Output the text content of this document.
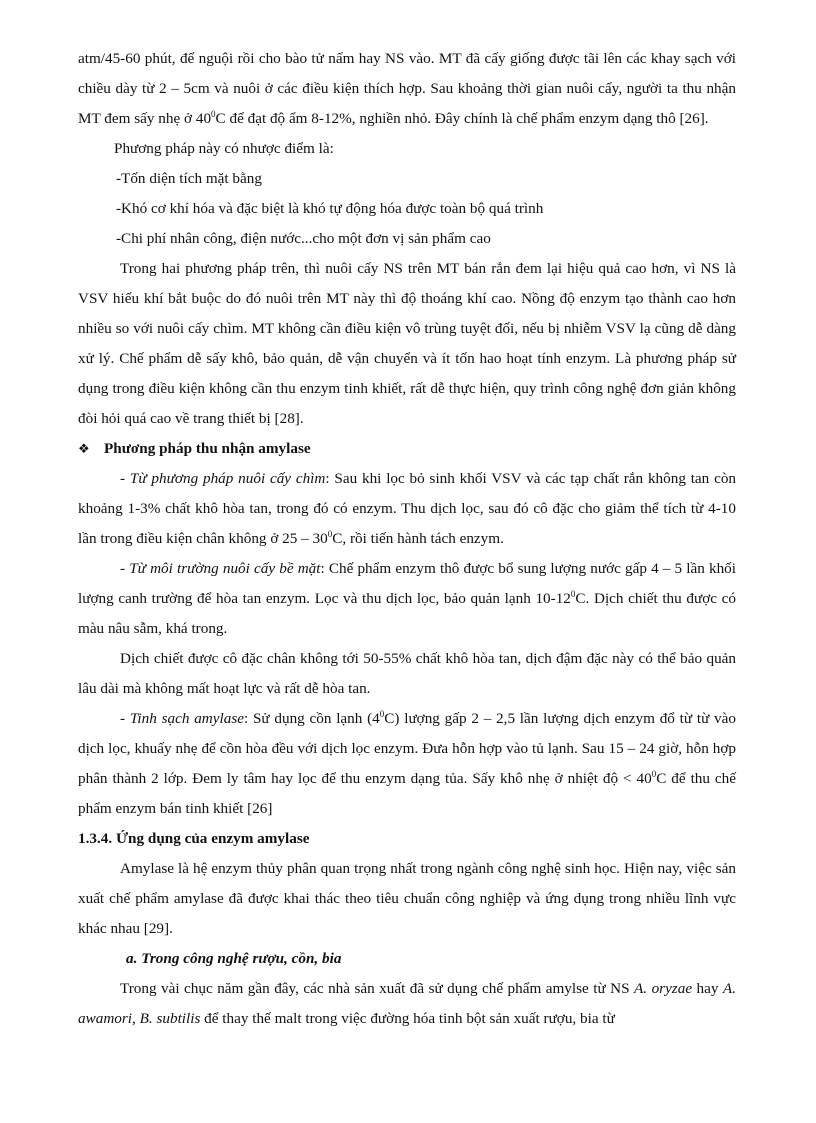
atm/45-60 phút, để nguội rồi cho bào tử nấm hay NS vào. MT đã cấy giống được tãi lên các khay sạch với chiều dày từ 2 – 5cm và nuôi ở các điều kiện thích hợp. Sau khoảng thời gian nuôi cấy, người ta thu nhận MT đem sấy nhẹ ở $40^0C$ để đạt độ ẩm 8-12%, nghiền nhỏ. Đây chính là chế phẩm enzym dạng thô [26].

Phương pháp này có nhược điểm là:

-Tốn diện tích mặt bằng

-Khó cơ khí hóa và đặc biệt là khó tự động hóa được toàn bộ quá trình

-Chi phí nhân công, điện nước...cho một đơn vị sản phẩm cao

Trong hai phương pháp trên, thì nuôi cấy NS trên MT bán rắn đem lại hiệu quả cao hơn, vì NS là VSV hiếu khí bắt buộc do đó nuôi trên MT này thì độ thoáng khí cao. Nồng độ enzym tạo thành cao hơn nhiều so với nuôi cấy chìm. MT không cần điều kiện vô trùng tuyệt đối, nếu bị nhiễm VSV lạ cũng dễ dàng xử lý. Chế phẩm dễ sấy khô, bảo quản, dễ vận chuyển và ít tốn hao hoạt tính enzym. Là phương pháp sử dụng trong điều kiện không cần thu enzym tinh khiết, rất dễ thực hiện, quy trình công nghệ đơn giản không đòi hỏi quá cao về trang thiết bị [28].

❖ Phương pháp thu nhận amylase

- Từ phương pháp nuôi cấy chìm: Sau khi lọc bỏ sinh khối VSV và các tạp chất rắn không tan còn khoảng 1-3% chất khô hòa tan, trong đó có enzym. Thu dịch lọc, sau đó cô đặc cho giảm thể tích từ 4-10 lần trong điều kiện chân không ở $25 - 30^0C$, rồi tiến hành tách enzym.

- Từ môi trường nuôi cấy bề mặt: Chế phẩm enzym thô được bổ sung lượng nước gấp 4 – 5 lần khối lượng canh trường để hòa tan enzym. Lọc và thu dịch lọc, bảo quản lạnh $10-12^0C$. Dịch chiết thu được có màu nâu sẫm, khá trong.

Dịch chiết được cô đặc chân không tới 50-55% chất khô hòa tan, dịch đậm đặc này có thể bảo quản lâu dài mà không mất hoạt lực và rất dễ hòa tan.

- Tinh sạch amylase: Sử dụng cồn lạnh $(4^0C)$ lượng gấp 2 – 2,5 lần lượng dịch enzym đổ từ từ vào dịch lọc, khuấy nhẹ để cồn hòa đều với dịch lọc enzym. Đưa hỗn hợp vào tủ lạnh. Sau 15 – 24 giờ, hỗn hợp phân thành 2 lớp. Đem ly tâm hay lọc để thu enzym dạng tủa. Sấy khô nhẹ ở nhiệt độ < $40^0C$ để thu chế phẩm enzym bán tinh khiết [26]

1.3.4. Ứng dụng của enzym amylase

Amylase là hệ enzym thủy phân quan trọng nhất trong ngành công nghệ sinh học. Hiện nay, việc sản xuất chế phẩm amylase đã được khai thác theo tiêu chuẩn công nghiệp và ứng dụng trong nhiều lĩnh vực khác nhau [29].

a. Trong công nghệ rượu, cồn, bia

Trong vài chục năm gần đây, các nhà sản xuất đã sử dụng chế phẩm amylse từ NS A. oryzae hay A. awamori, B. subtilis để thay thế malt trong việc đường hóa tinh bột sản xuất rượu, bia từ
